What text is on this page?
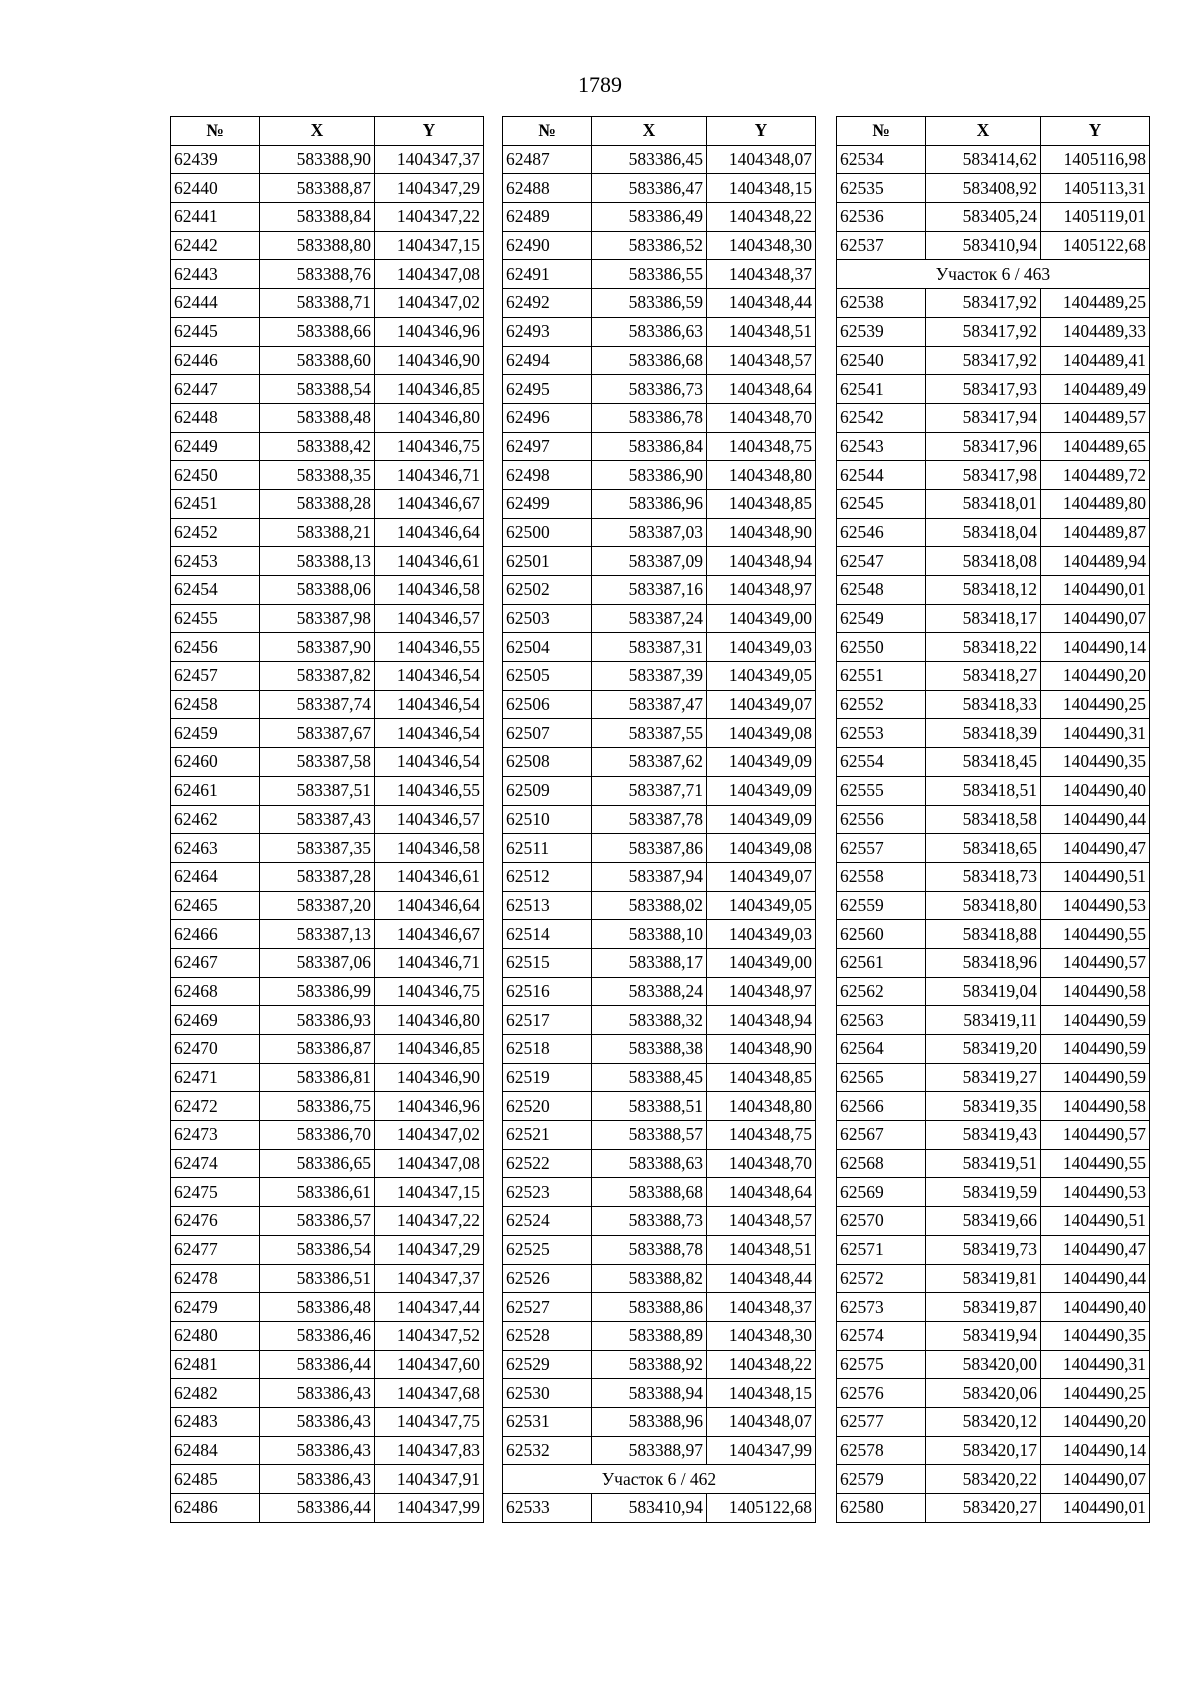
1789
№	X	Y
62439	583388,90	1404347,37
62440	583388,87	1404347,29
62441	583388,84	1404347,22
62442	583388,80	1404347,15
62443	583388,76	1404347,08
62444	583388,71	1404347,02
62445	583388,66	1404346,96
62446	583388,60	1404346,90
62447	583388,54	1404346,85
62448	583388,48	1404346,80
62449	583388,42	1404346,75
62450	583388,35	1404346,71
62451	583388,28	1404346,67
62452	583388,21	1404346,64
62453	583388,13	1404346,61
62454	583388,06	1404346,58
62455	583387,98	1404346,57
62456	583387,90	1404346,55
62457	583387,82	1404346,54
62458	583387,74	1404346,54
62459	583387,67	1404346,54
62460	583387,58	1404346,54
62461	583387,51	1404346,55
62462	583387,43	1404346,57
62463	583387,35	1404346,58
62464	583387,28	1404346,61
62465	583387,20	1404346,64
62466	583387,13	1404346,67
62467	583387,06	1404346,71
62468	583386,99	1404346,75
62469	583386,93	1404346,80
62470	583386,87	1404346,85
62471	583386,81	1404346,90
62472	583386,75	1404346,96
62473	583386,70	1404347,02
62474	583386,65	1404347,08
62475	583386,61	1404347,15
62476	583386,57	1404347,22
62477	583386,54	1404347,29
62478	583386,51	1404347,37
62479	583386,48	1404347,44
62480	583386,46	1404347,52
62481	583386,44	1404347,60
62482	583386,43	1404347,68
62483	583386,43	1404347,75
62484	583386,43	1404347,83
62485	583386,43	1404347,91
62486	583386,44	1404347,99
№	X	Y
62487	583386,45	1404348,07
62488	583386,47	1404348,15
62489	583386,49	1404348,22
62490	583386,52	1404348,30
62491	583386,55	1404348,37
62492	583386,59	1404348,44
62493	583386,63	1404348,51
62494	583386,68	1404348,57
62495	583386,73	1404348,64
62496	583386,78	1404348,70
62497	583386,84	1404348,75
62498	583386,90	1404348,80
62499	583386,96	1404348,85
62500	583387,03	1404348,90
62501	583387,09	1404348,94
62502	583387,16	1404348,97
62503	583387,24	1404349,00
62504	583387,31	1404349,03
62505	583387,39	1404349,05
62506	583387,47	1404349,07
62507	583387,55	1404349,08
62508	583387,62	1404349,09
62509	583387,71	1404349,09
62510	583387,78	1404349,09
62511	583387,86	1404349,08
62512	583387,94	1404349,07
62513	583388,02	1404349,05
62514	583388,10	1404349,03
62515	583388,17	1404349,00
62516	583388,24	1404348,97
62517	583388,32	1404348,94
62518	583388,38	1404348,90
62519	583388,45	1404348,85
62520	583388,51	1404348,80
62521	583388,57	1404348,75
62522	583388,63	1404348,70
62523	583388,68	1404348,64
62524	583388,73	1404348,57
62525	583388,78	1404348,51
62526	583388,82	1404348,44
62527	583388,86	1404348,37
62528	583388,89	1404348,30
62529	583388,92	1404348,22
62530	583388,94	1404348,15
62531	583388,96	1404348,07
62532	583388,97	1404347,99
Участок 6 / 462		
62533	583410,94	1405122,68
№	X	Y
62534	583414,62	1405116,98
62535	583408,92	1405113,31
62536	583405,24	1405119,01
62537	583410,94	1405122,68
Участок 6 / 463		
62538	583417,92	1404489,25
62539	583417,92	1404489,33
62540	583417,92	1404489,41
62541	583417,93	1404489,49
62542	583417,94	1404489,57
62543	583417,96	1404489,65
62544	583417,98	1404489,72
62545	583418,01	1404489,80
62546	583418,04	1404489,87
62547	583418,08	1404489,94
62548	583418,12	1404490,01
62549	583418,17	1404490,07
62550	583418,22	1404490,14
62551	583418,27	1404490,20
62552	583418,33	1404490,25
62553	583418,39	1404490,31
62554	583418,45	1404490,35
62555	583418,51	1404490,40
62556	583418,58	1404490,44
62557	583418,65	1404490,47
62558	583418,73	1404490,51
62559	583418,80	1404490,53
62560	583418,88	1404490,55
62561	583418,96	1404490,57
62562	583419,04	1404490,58
62563	583419,11	1404490,59
62564	583419,20	1404490,59
62565	583419,27	1404490,59
62566	583419,35	1404490,58
62567	583419,43	1404490,57
62568	583419,51	1404490,55
62569	583419,59	1404490,53
62570	583419,66	1404490,51
62571	583419,73	1404490,47
62572	583419,81	1404490,44
62573	583419,87	1404490,40
62574	583419,94	1404490,35
62575	583420,00	1404490,31
62576	583420,06	1404490,25
62577	583420,12	1404490,20
62578	583420,17	1404490,14
62579	583420,22	1404490,07
62580	583420,27	1404490,01
